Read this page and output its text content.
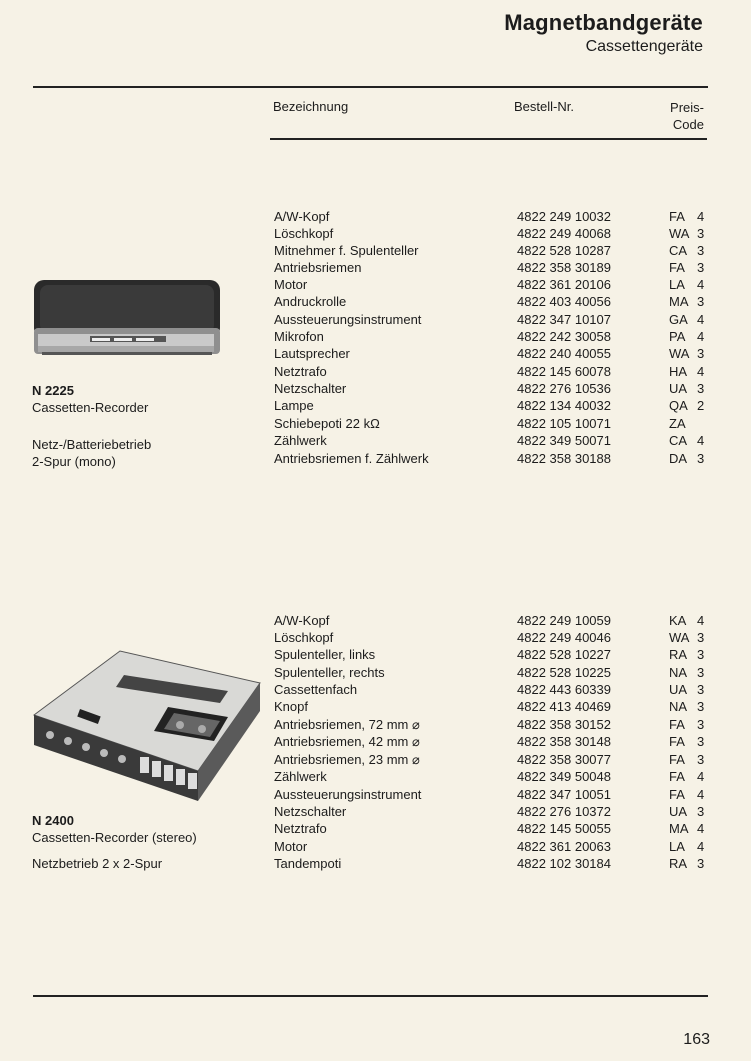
Magnetbandgeräte
Cassettengeräte
Bezeichnung	Bestell-Nr.	Preis-
Code
N 2225
Cassetten-Recorder
Netz-/Batteriebetrieb
2-Spur (mono)
A/W-Kopf	4822 249 10032	FA 4
Löschkopf	4822 249 40068	WA 3
Mitnehmer f. Spulenteller	4822 528 10287	CA 3
Antriebsriemen	4822 358 30189	FA 3
Motor	4822 361 20106	LA 4
Andruckrolle	4822 403 40056	MA 3
Aussteuerungsinstrument	4822 347 10107	GA 4
Mikrofon	4822 242 30058	PA 4
Lautsprecher	4822 240 40055	WA 3
Netztrafo	4822 145 60078	HA 4
Netzschalter	4822 276 10536	UA 3
Lampe	4822 134 40032	QA 2
Schiebepoti 22 kΩ	4822 105 10071	ZA
Zählwerk	4822 349 50071	CA 4
Antriebsriemen f. Zählwerk	4822 358 30188	DA 3
N 2400
Cassetten-Recorder (stereo)
Netzbetrieb 2 x 2-Spur
A/W-Kopf	4822 249 10059	KA 4
Löschkopf	4822 249 40046	WA 3
Spulenteller, links	4822 528 10227	RA 3
Spulenteller, rechts	4822 528 10225	NA 3
Cassettenfach	4822 443 60339	UA 3
Knopf	4822 413 40469	NA 3
Antriebsriemen, 72 mm ⌀	4822 358 30152	FA 3
Antriebsriemen, 42 mm ⌀	4822 358 30148	FA 3
Antriebsriemen, 23 mm ⌀	4822 358 30077	FA 3
Zählwerk	4822 349 50048	FA 4
Aussteuerungsinstrument	4822 347 10051	FA 4
Netzschalter	4822 276 10372	UA 3
Netztrafo	4822 145 50055	MA 4
Motor	4822 361 20063	LA 4
Tandempoti	4822 102 30184	RA 3
163
